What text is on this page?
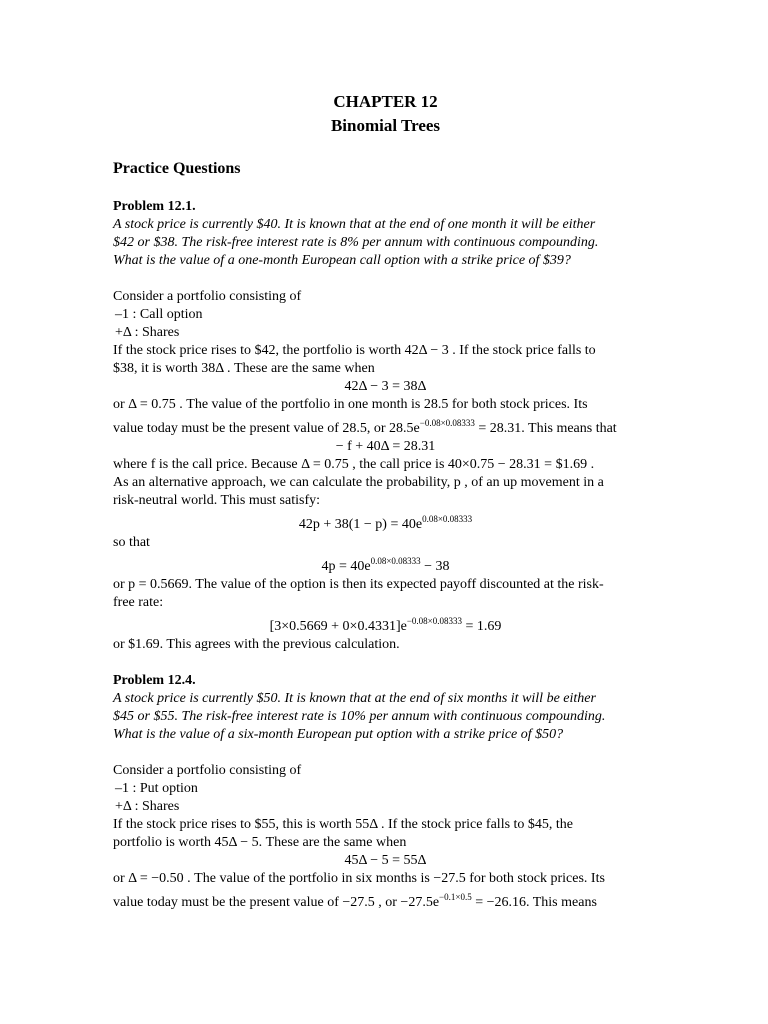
CHAPTER 12
Binomial Trees
Practice Questions
Problem 12.1.
A stock price is currently $40. It is known that at the end of one month it will be either
$42 or $38. The risk-free interest rate is 8% per annum with continuous compounding.
What is the value of a one-month European call option with a strike price of $39?
Consider a portfolio consisting of
–1 : Call option
+Δ : Shares
If the stock price rises to $42, the portfolio is worth 42Δ − 3 . If the stock price falls to
$38, it is worth 38Δ . These are the same when
42Δ − 3 = 38Δ
or Δ = 0.75 . The value of the portfolio in one month is 28.5 for both stock prices. Its
value today must be the present value of 28.5, or $28.5e^{-0.08\times 0.08333} = 28.31$. This means that
− f + 40Δ = 28.31
where f is the call price. Because Δ = 0.75 , the call price is 40×0.75 − 28.31 = $1.69 .
As an alternative approach, we can calculate the probability, p , of an up movement in a
risk-neutral world. This must satisfy:
$42p + 38(1 - p) = 40e^{0.08\times 0.08333}$
so that
$4p = 40e^{0.08\times 0.08333} - 38$
or p = 0.5669. The value of the option is then its expected payoff discounted at the risk-
free rate:
$[3\times 0.5669 + 0\times 0.4331]e^{-0.08\times 0.08333} = 1.69$
or $1.69. This agrees with the previous calculation.
Problem 12.4.
A stock price is currently $50. It is known that at the end of six months it will be either
$45 or $55. The risk-free interest rate is 10% per annum with continuous compounding.
What is the value of a six-month European put option with a strike price of $50?
Consider a portfolio consisting of
–1 : Put option
+Δ : Shares
If the stock price rises to $55, this is worth 55Δ . If the stock price falls to $45, the
portfolio is worth 45Δ − 5. These are the same when
45Δ − 5 = 55Δ
or Δ = −0.50 . The value of the portfolio in six months is −27.5 for both stock prices. Its
value today must be the present value of −27.5 , or $-27.5e^{-0.1\times 0.5} = -26.16$. This means
